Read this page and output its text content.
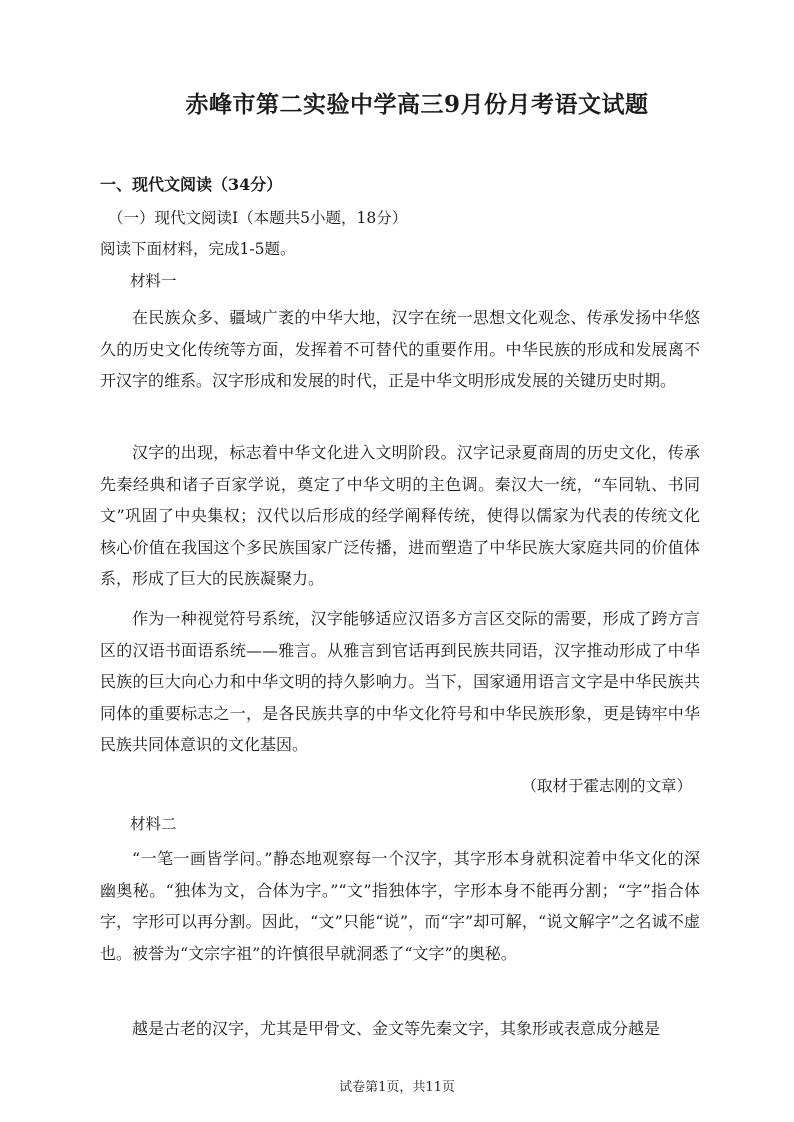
赤峰市第二实验中学高三9月份月考语文试题
一、现代文阅读（34分）
（一）现代文阅读Ⅰ（本题共5小题，18分）
阅读下面材料，完成1-5题。
材料一

在民族众多、疆域广袤的中华大地，汉字在统一思想文化观念、传承发扬中华悠久的历史文化传统等方面，发挥着不可替代的重要作用。中华民族的形成和发展离不开汉字的维系。汉字形成和发展的时代，正是中华文明形成发展的关键历史时期。

汉字的出现，标志着中华文化进入文明阶段。汉字记录夏商周的历史文化，传承先秦经典和诸子百家学说，奠定了中华文明的主色调。秦汉大一统，“车同轨、书同文”巩固了中央集权；汉代以后形成的经学阐释传统，使得以儒家为代表的传统文化核心价值在我国这个多民族国家广泛传播，进而塑造了中华民族大家庭共同的价值体系，形成了巨大的民族凝聚力。

作为一种视觉符号系统，汉字能够适应汉语多方言区交际的需要，形成了跨方言区的汉语书面语系统——雅言。从雅言到官话再到民族共同语，汉字推动形成了中华民族的巨大向心力和中华文明的持久影响力。当下，国家通用语言文字是中华民族共同体的重要标志之一，是各民族共享的中华文化符号和中华民族形象，更是铸牢中华民族共同体意识的文化基因。

（取材于霍志刚的文章）
材料二

“一笔一画皆学问。”静态地观察每一个汉字，其字形本身就积淀着中华文化的深幽奥秘。“独体为文，合体为字。”“文”指独体字，字形本身不能再分割；“字”指合体字，字形可以再分割。因此，“文”只能“说”，而“字”却可解，“说文解字”之名诚不虚也。被誉为“文宗字祖”的许慎很早就洞悉了“文字”的奥秘。

越是古老的汉字，尤其是甲骨文、金文等先秦文字，其象形或表意成分越是

试卷第1页，共11页
